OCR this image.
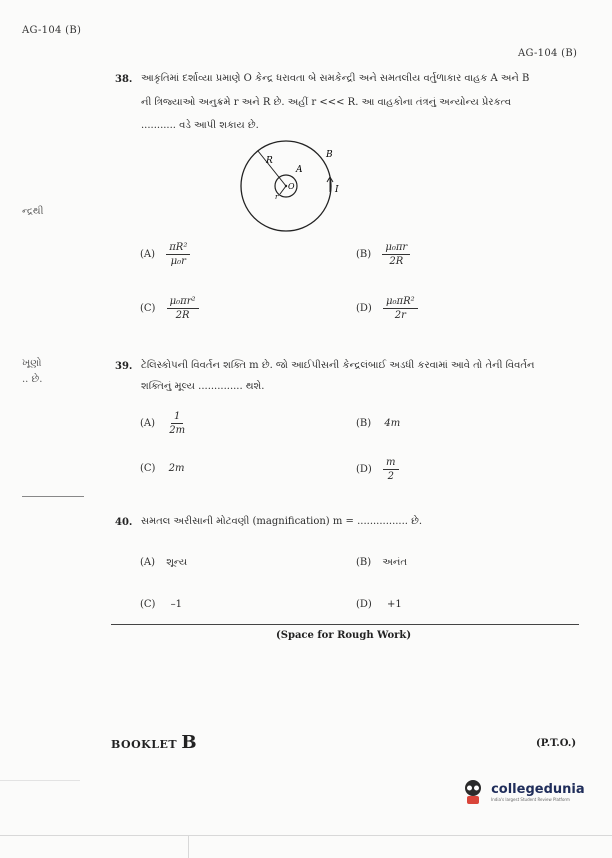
AG-104 (B)
AG-104 (B)
ન્દ્રથી
ખૂણો
.. છે.
38. આકૃતિમાં દર્શાવ્યા પ્રમાણે O કેન્દ્ર ધરાવતા બે સમકેન્દ્રી અને સમતલીય વર્તુળાકાર વાહક A અને B
ની ત્રિજ્યાઓ અનુક્રમે r અને R છે. અહીં r <<< R. આ વાહકોના તંત્રનું અન્યોન્ય પ્રેરકત્વ
........... વડે આપી શકાય છે.
R
r
A
O
B
I
$(A) \frac{\text{πR²}}{\text{μ₀r}}$	$(B) \frac{\text{μ₀πr}}{2R}$
$(C) \frac{\text{μ₀πr²}}{2R}$	$(D) \frac{\text{μ₀πR²}}{2r}$
39. ટેલિસ્કોપની વિવર્તન શક્તિ m છે. જો આઈપીસની કેન્દ્રલંબાઈ અડધી કરવામાં આવે તો તેની વિવર્તન
શક્તિનું મૂલ્ય .............. થશે.
$(A) \frac{1}{2m}$	(B) 4m
(C) 2m	$(D) \frac{m}{2}$
40. સમતલ અરીસાની મોટવણી (magnification) m = ................ છે.
(A) શૂન્ય	(B) અનંત
(C) –1	(D) +1
(Space for Rough Work)
BOOKLET B	(P.T.O.)

collegedunia
India's largest Student Review Platform
